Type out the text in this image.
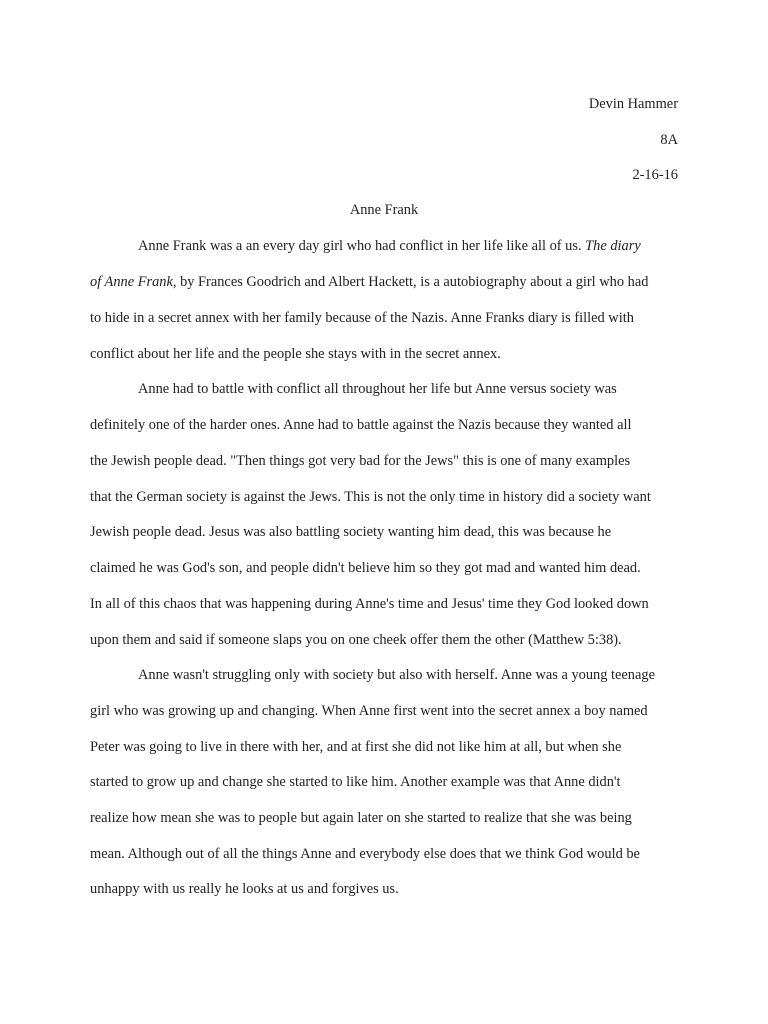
Devin Hammer
8A
2-16-16
Anne Frank
Anne Frank was a an every day girl who had conflict in her life like all of us. The diary
of Anne Frank, by Frances Goodrich and Albert Hackett, is a autobiography about a girl who had
to hide in a secret annex with her family because of the Nazis. Anne Franks diary is filled with
conflict about her life and the people she stays with in the secret annex.
Anne had to battle with conflict all throughout her life but Anne versus society was
definitely one of the harder ones. Anne had to battle against the Nazis because they wanted all
the Jewish people dead. "Then things got very bad for the Jews" this is one of many examples
that the German society is against the Jews. This is not the only time in history did a society want
Jewish people dead. Jesus was also battling society wanting him dead, this was because he
claimed he was God's son, and people didn't believe him so they got mad and wanted him dead.
In all of this chaos that was happening during Anne's time and Jesus' time they God looked down
upon them and said if someone slaps you on one cheek offer them the other (Matthew 5:38).
Anne wasn't struggling only with society but also with herself. Anne was a young teenage
girl who was growing up and changing. When Anne first went into the secret annex a boy named
Peter was going to live in there with her, and at first she did not like him at all, but when she
started to grow up and change she started to like him. Another example was that Anne didn't
realize how mean she was to people but again later on she started to realize that she was being
mean. Although out of all the things Anne and everybody else does that we think God would be
unhappy with us really he looks at us and forgives us.
